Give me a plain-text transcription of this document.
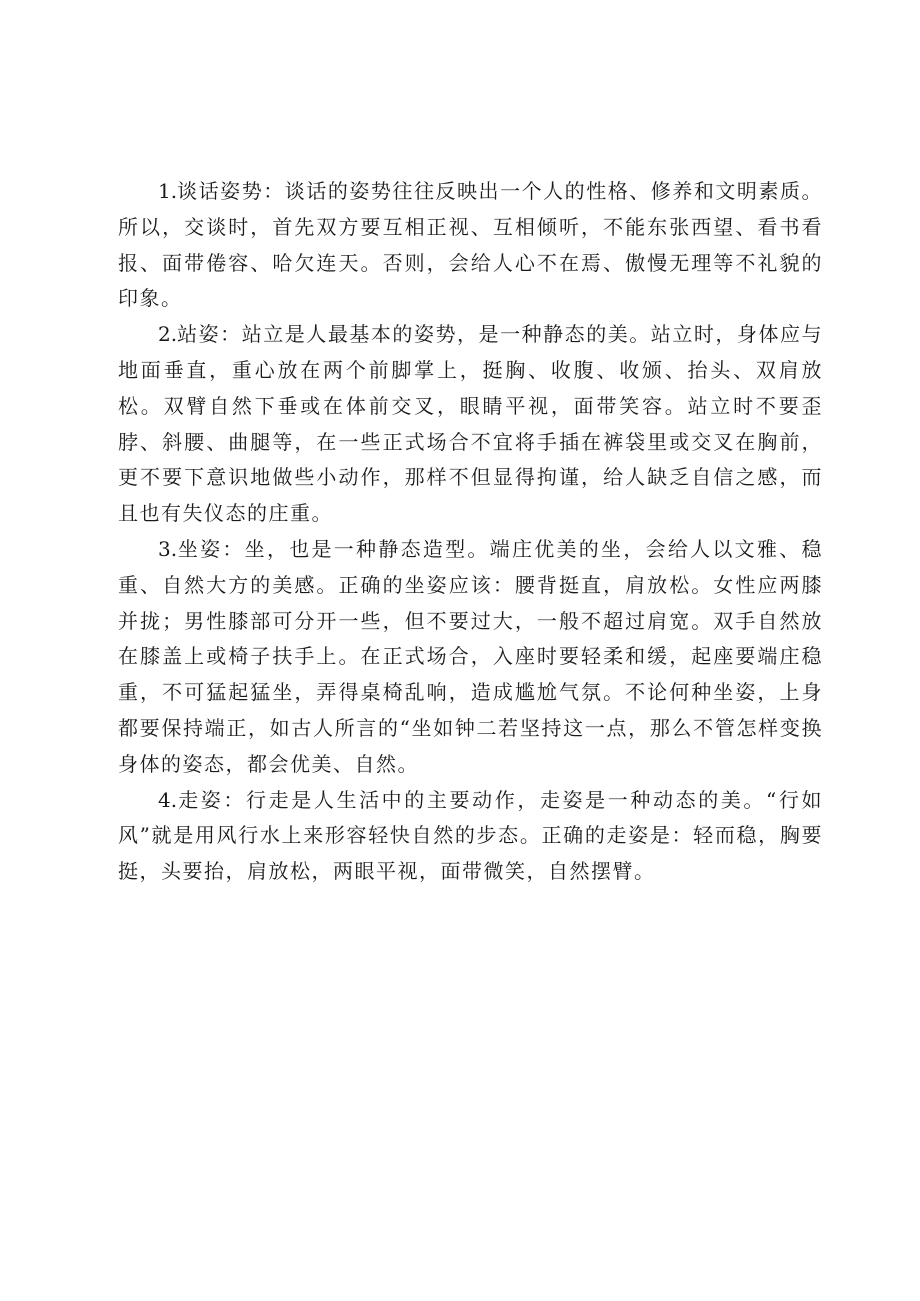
1.谈话姿势：谈话的姿势往往反映出一个人的性格、修养和文明素质。所以，交谈时，首先双方要互相正视、互相倾听，不能东张西望、看书看报、面带倦容、哈欠连天。否则，会给人心不在焉、傲慢无理等不礼貌的印象。

2.站姿：站立是人最基本的姿势，是一种静态的美。站立时，身体应与地面垂直，重心放在两个前脚掌上，挺胸、收腹、收颁、抬头、双肩放松。双臂自然下垂或在体前交叉，眼睛平视，面带笑容。站立时不要歪脖、斜腰、曲腿等，在一些正式场合不宜将手插在裤袋里或交叉在胸前，更不要下意识地做些小动作，那样不但显得拘谨，给人缺乏自信之感，而且也有失仪态的庄重。

3.坐姿：坐，也是一种静态造型。端庄优美的坐，会给人以文雅、稳重、自然大方的美感。正确的坐姿应该：腰背挺直，肩放松。女性应两膝并拢；男性膝部可分开一些，但不要过大，一般不超过肩宽。双手自然放在膝盖上或椅子扶手上。在正式场合，入座时要轻柔和缓，起座要端庄稳重，不可猛起猛坐，弄得桌椅乱响，造成尴尬气氛。不论何种坐姿，上身都要保持端正，如古人所言的“坐如钟二若坚持这一点，那么不管怎样变换身体的姿态，都会优美、自然。

4.走姿：行走是人生活中的主要动作，走姿是一种动态的美。“行如风”就是用风行水上来形容轻快自然的步态。正确的走姿是：轻而稳，胸要挺，头要抬，肩放松，两眼平视，面带微笑，自然摆臂。
